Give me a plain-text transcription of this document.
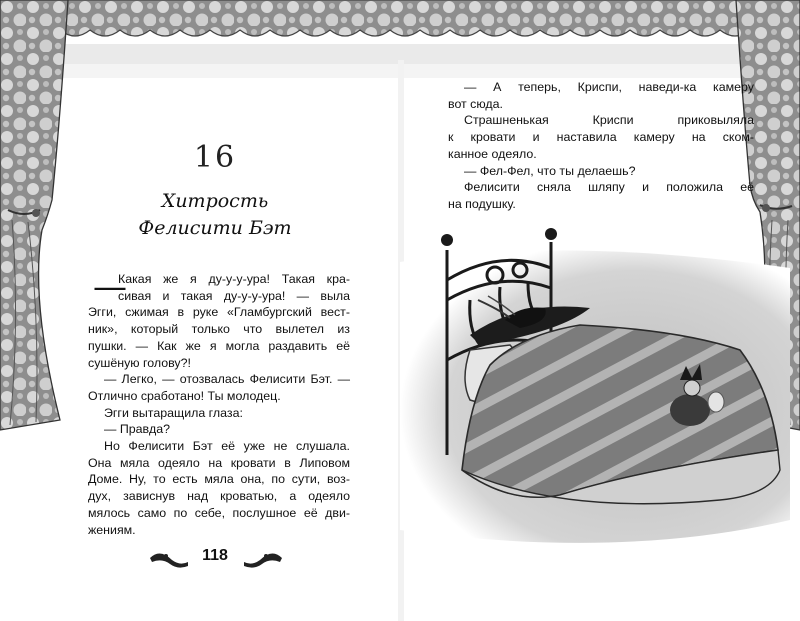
16
Хитрость
Фелисити Бэт
—
Какая же я ду-у-у-ура! Такая кра-
сивая и такая ду-у-у-ура! — выла
Эгги, сжимая в руке «Гламбургский вест-
ник», который только что вылетел из
пушки. — Как же я могла раздавить её
сушёную голову?!
— Легко, — отозвалась Фелисити Бэт. —
Отлично сработано! Ты молодец.
Эгги вытаращила глаза:
— Правда?
Но Фелисити Бэт её уже не слушала.
Она мяла одеяло на кровати в Липовом
Доме. Ну, то есть мяла она, по сути, воз-
дух, зависнув над кроватью, а одеяло
мялось само по себе, послушное её дви-
жениям.
118
— А теперь, Криспи, наведи-ка камеру
вот сюда.
Страшненькая Криспи приковыляла
к кровати и наставила камеру на ском-
канное одеяло.
— Фел-Фел, что ты делаешь?
Фелисити сняла шляпу и положила её
на подушку.
